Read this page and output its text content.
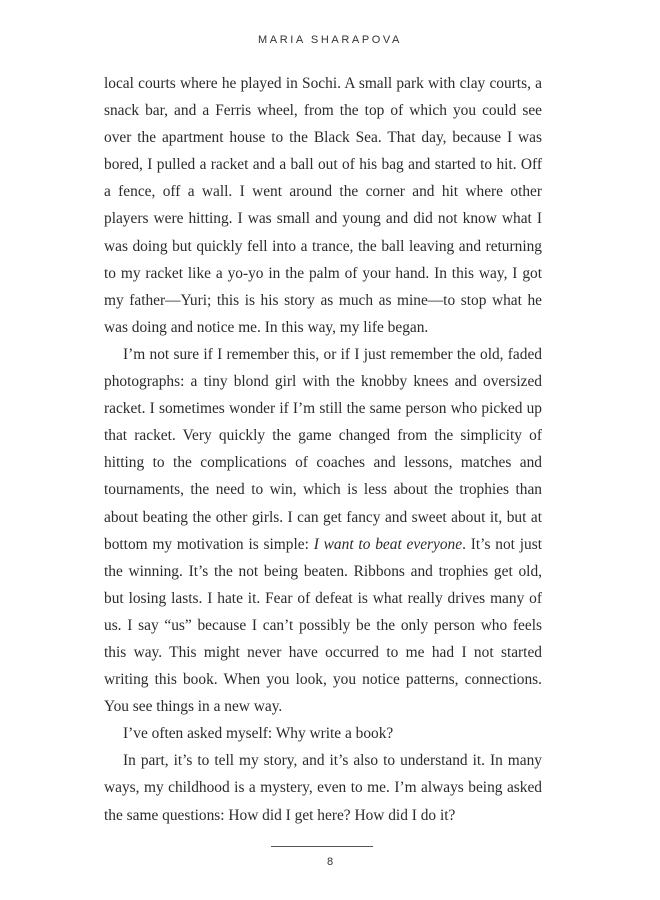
MARIA SHARAPOVA

local courts where he played in Sochi. A small park with clay courts, a snack bar, and a Ferris wheel, from the top of which you could see over the apartment house to the Black Sea. That day, because I was bored, I pulled a racket and a ball out of his bag and started to hit. Off a fence, off a wall. I went around the corner and hit where other players were hitting. I was small and young and did not know what I was doing but quickly fell into a trance, the ball leaving and returning to my racket like a yo-yo in the palm of your hand. In this way, I got my father—Yuri; this is his story as much as mine—to stop what he was doing and notice me. In this way, my life began.

I’m not sure if I remember this, or if I just remember the old, faded photographs: a tiny blond girl with the knobby knees and oversized racket. I sometimes wonder if I’m still the same person who picked up that racket. Very quickly the game changed from the simplicity of hitting to the complications of coaches and lessons, matches and tournaments, the need to win, which is less about the trophies than about beating the other girls. I can get fancy and sweet about it, but at bottom my motivation is simple: I want to beat everyone. It’s not just the winning. It’s the not being beaten. Ribbons and trophies get old, but losing lasts. I hate it. Fear of defeat is what really drives many of us. I say “us” because I can’t possibly be the only person who feels this way. This might never have occurred to me had I not started writing this book. When you look, you notice patterns, connections. You see things in a new way.

I’ve often asked myself: Why write a book?

In part, it’s to tell my story, and it’s also to understand it. In many ways, my childhood is a mystery, even to me. I’m always being asked the same questions: How did I get here? How did I do it?

8
